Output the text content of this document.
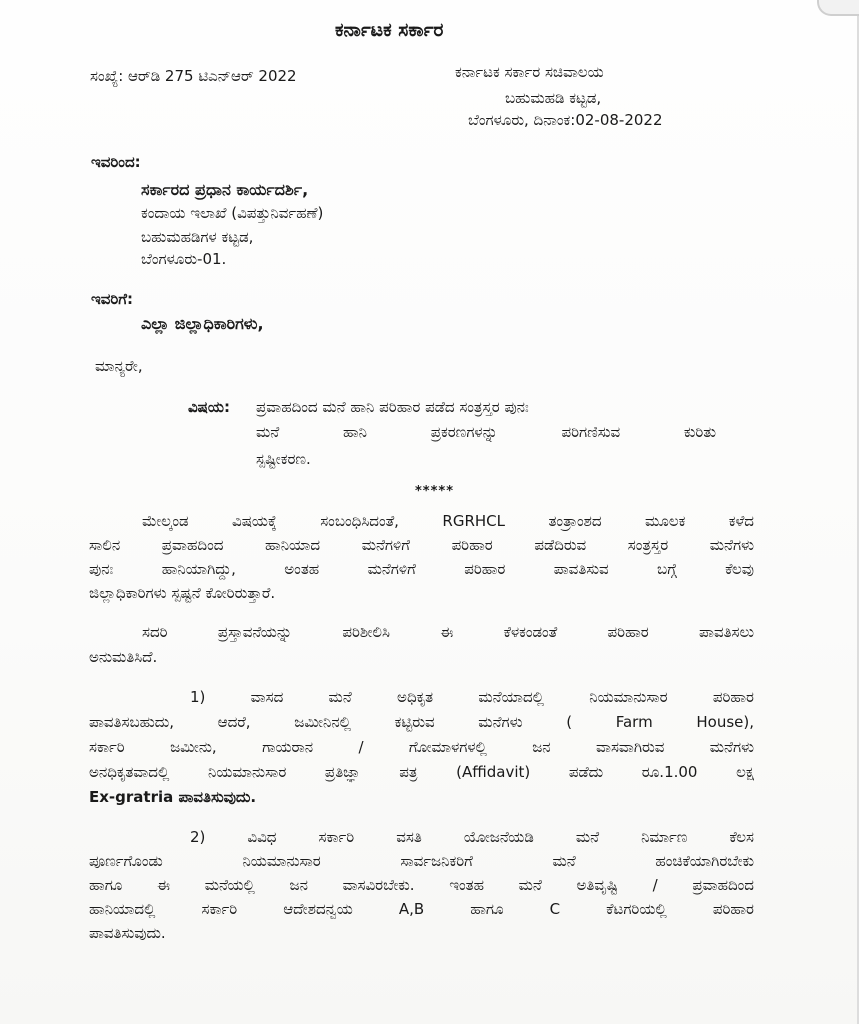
ಕರ್ನಾಟಕ ಸರ್ಕಾರ
ಸಂಖ್ಯೆ: ಆರ್‌ಡಿ 275 ಟಿಎನ್‌ಆರ್ 2022	ಕರ್ನಾಟಕ ಸರ್ಕಾರ ಸಚಿವಾಲಯ
ಬಹುಮಹಡಿ ಕಟ್ಟಡ,
ಬೆಂಗಳೂರು, ದಿನಾಂಕ:02-08-2022
ಇವರಿಂದ:
ಸರ್ಕಾರದ ಪ್ರಧಾನ ಕಾರ್ಯದರ್ಶಿ,
ಕಂದಾಯ ಇಲಾಖೆ (ವಿಪತ್ತುನಿರ್ವಹಣೆ)
ಬಹುಮಹಡಿಗಳ ಕಟ್ಟಡ,
ಬೆಂಗಳೂರು-01.
ಇವರಿಗೆ:
ಎಲ್ಲಾ ಜಿಲ್ಲಾಧಿಕಾರಿಗಳು,
ಮಾನ್ಯರೇ,
ವಿಷಯ: ಪ್ರವಾಹದಿಂದ ಮನೆ ಹಾನಿ ಪರಿಹಾರ ಪಡೆದ ಸಂತ್ರಸ್ತರ ಪುನಃ
ಮನೆ ಹಾನಿ ಪ್ರಕರಣಗಳನ್ನು ಪರಿಗಣಿಸುವ ಕುರಿತು
ಸ್ಪಷ್ಟೀಕರಣ.
*****
ಮೇಲ್ಕಂಡ ವಿಷಯಕ್ಕೆ ಸಂಬಂಧಿಸಿದಂತೆ, RGRHCL ತಂತ್ರಾಂಶದ ಮೂಲಕ ಕಳೆದ
ಸಾಲಿನ ಪ್ರವಾಹದಿಂದ ಹಾನಿಯಾದ ಮನೆಗಳಿಗೆ ಪರಿಹಾರ ಪಡೆದಿರುವ ಸಂತ್ರಸ್ತರ ಮನೆಗಳು
ಪುನಃ ಹಾನಿಯಾಗಿದ್ದು, ಅಂತಹ ಮನೆಗಳಿಗೆ ಪರಿಹಾರ ಪಾವತಿಸುವ ಬಗ್ಗೆ ಕೆಲವು
ಜಿಲ್ಲಾಧಿಕಾರಿಗಳು ಸ್ಪಷ್ಟನೆ ಕೋರಿರುತ್ತಾರೆ.
ಸದರಿ ಪ್ರಸ್ತಾವನೆಯನ್ನು ಪರಿಶೀಲಿಸಿ ಈ ಕೆಳಕಂಡಂತೆ ಪರಿಹಾರ ಪಾವತಿಸಲು
ಅನುಮತಿಸಿದೆ.
1) ವಾಸದ ಮನೆ ಅಧಿಕೃತ ಮನೆಯಾದಲ್ಲಿ ನಿಯಮಾನುಸಾರ ಪರಿಹಾರ
ಪಾವತಿಸಬಹುದು, ಆದರೆ, ಜಮೀನಿನಲ್ಲಿ ಕಟ್ಟಿರುವ ಮನೆಗಳು ( Farm House),
ಸರ್ಕಾರಿ ಜಮೀನು, ಗಾಯರಾನ / ಗೋಮಾಳಗಳಲ್ಲಿ ಜನ ವಾಸವಾಗಿರುವ ಮನೆಗಳು
ಅನಧಿಕೃತವಾದಲ್ಲಿ ನಿಯಮಾನುಸಾರ ಪ್ರತಿಜ್ಞಾ ಪತ್ರ (Affidavit) ಪಡೆದು ರೂ.1.00 ಲಕ್ಷ
Ex-gratria ಪಾವತಿಸುವುದು.
2) ವಿವಿಧ ಸರ್ಕಾರಿ ವಸತಿ ಯೋಜನೆಯಡಿ ಮನೆ ನಿರ್ಮಾಣ ಕೆಲಸ
ಪೂರ್ಣಗೊಂಡು ನಿಯಮಾನುಸಾರ ಸಾರ್ವಜನಿಕರಿಗೆ ಮನೆ ಹಂಚಿಕೆಯಾಗಿರಬೇಕು
ಹಾಗೂ ಈ ಮನೆಯಲ್ಲಿ ಜನ ವಾಸವಿರಬೇಕು. ಇಂತಹ ಮನೆ ಅತಿವೃಷ್ಟಿ / ಪ್ರವಾಹದಿಂದ
ಹಾನಿಯಾದಲ್ಲಿ ಸರ್ಕಾರಿ ಆದೇಶದನ್ವಯ A,B ಹಾಗೂ C ಕೆಟಗರಿಯಲ್ಲಿ ಪರಿಹಾರ
ಪಾವತಿಸುವುದು.
